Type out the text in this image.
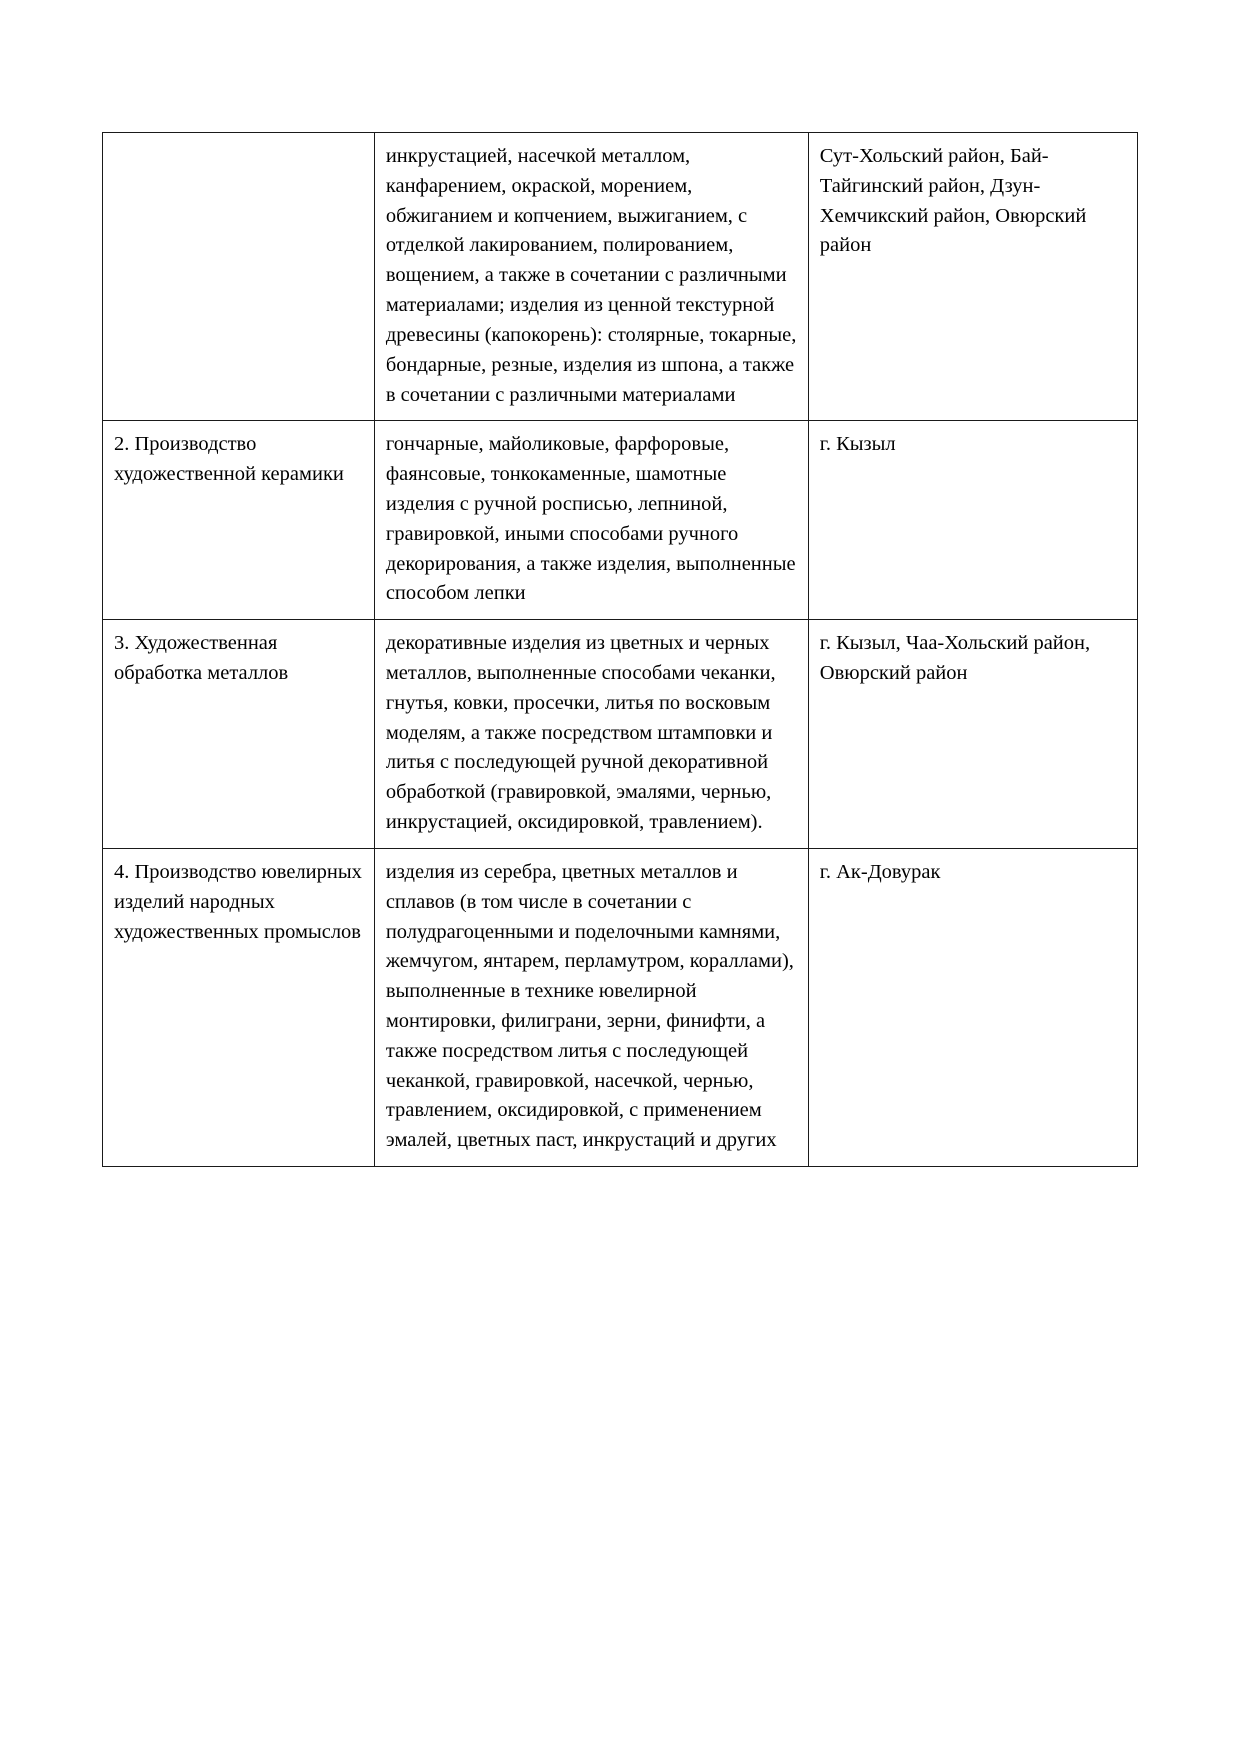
	инкрустацией, насечкой металлом, канфарением, окраской, морением, обжиганием и копчением, выжиганием, с отделкой лакированием, полированием, вощением, а также в сочетании с различными материалами; изделия из ценной текстурной древесины (капокорень): столярные, токарные, бондарные, резные, изделия из шпона, а также в сочетании с различными материалами	Сут-Хольский район, Бай-Тайгинский район, Дзун-Хемчикский район, Овюрский район

2. Производство художественной керамики	гончарные, майоликовые, фарфоровые, фаянсовые, тонкокаменные, шамотные изделия с ручной росписью, лепниной, гравировкой, иными способами ручного декорирования, а также изделия, выполненные способом лепки	г. Кызыл

3. Художественная обработка металлов	декоративные изделия из цветных и черных металлов, выполненные способами чеканки, гнутья, ковки, просечки, литья по восковым моделям, а также посредством штамповки и литья с последующей ручной декоративной обработкой (гравировкой, эмалями, чернью, инкрустацией, оксидировкой, травлением).	г. Кызыл, Чаа-Хольский район, Овюрский район

4. Производство ювелирных изделий народных художественных промыслов	изделия из серебра, цветных металлов и сплавов (в том числе в сочетании с полудрагоценными и поделочными камнями, жемчугом, янтарем, перламутром, кораллами), выполненные в технике ювелирной монтировки, филиграни, зерни, финифти, а также посредством литья с последующей чеканкой, гравировкой, насечкой, чернью, травлением, оксидировкой, с применением эмалей, цветных паст, инкрустаций и других	г. Ак-Довурак
